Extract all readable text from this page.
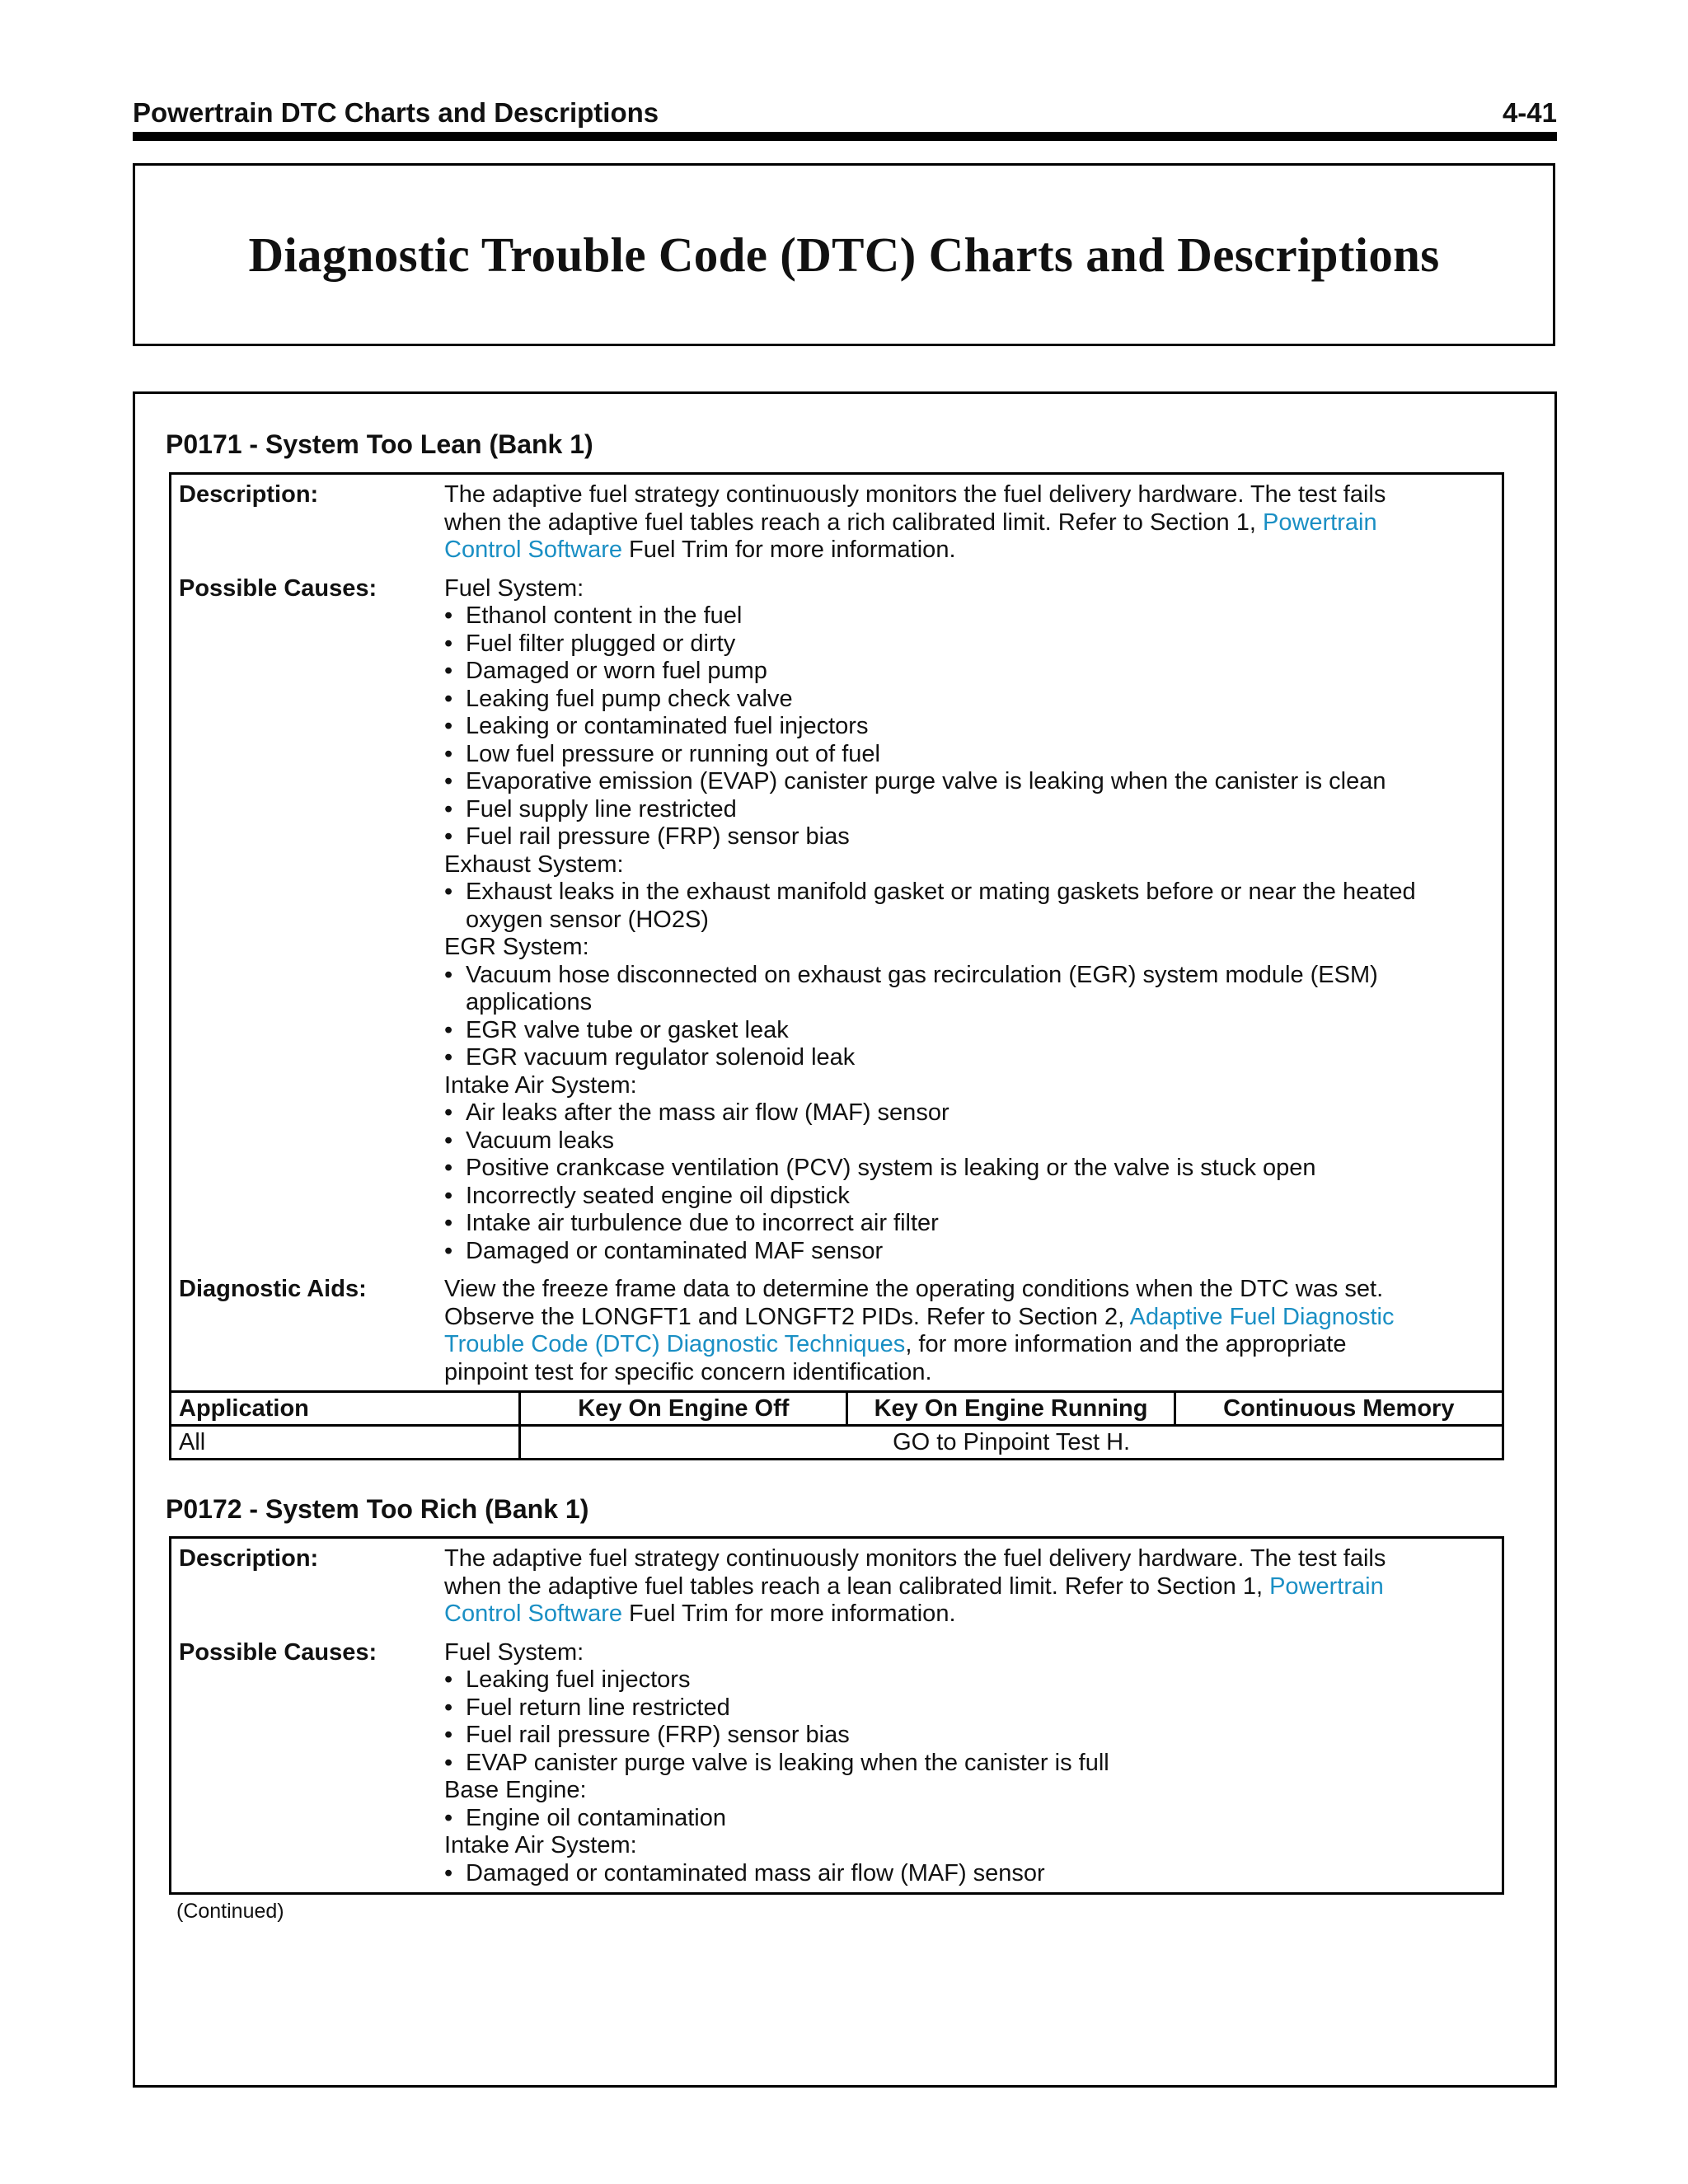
Powertrain DTC Charts and Descriptions	4-41
Diagnostic Trouble Code (DTC) Charts and Descriptions
P0171 - System Too Lean (Bank 1)
Description:	The adaptive fuel strategy continuously monitors the fuel delivery hardware. The test fails
when the adaptive fuel tables reach a rich calibrated limit. Refer to Section 1, Powertrain
Control Software Fuel Trim for more information.
Possible Causes:	Fuel System:
• Ethanol content in the fuel
• Fuel filter plugged or dirty
• Damaged or worn fuel pump
• Leaking fuel pump check valve
• Leaking or contaminated fuel injectors
• Low fuel pressure or running out of fuel
• Evaporative emission (EVAP) canister purge valve is leaking when the canister is clean
• Fuel supply line restricted
• Fuel rail pressure (FRP) sensor bias
Exhaust System:
• Exhaust leaks in the exhaust manifold gasket or mating gaskets before or near the heated
oxygen sensor (HO2S)
EGR System:
• Vacuum hose disconnected on exhaust gas recirculation (EGR) system module (ESM)
applications
• EGR valve tube or gasket leak
• EGR vacuum regulator solenoid leak
Intake Air System:
• Air leaks after the mass air flow (MAF) sensor
• Vacuum leaks
• Positive crankcase ventilation (PCV) system is leaking or the valve is stuck open
• Incorrectly seated engine oil dipstick
• Intake air turbulence due to incorrect air filter
• Damaged or contaminated MAF sensor
Diagnostic Aids:	View the freeze frame data to determine the operating conditions when the DTC was set.
Observe the LONGFT1 and LONGFT2 PIDs. Refer to Section 2, Adaptive Fuel Diagnostic
Trouble Code (DTC) Diagnostic Techniques, for more information and the appropriate
pinpoint test for specific concern identification.
Application	Key On Engine Off	Key On Engine Running	Continuous Memory
All	GO to Pinpoint Test H.		
P0172 - System Too Rich (Bank 1)
Description:	The adaptive fuel strategy continuously monitors the fuel delivery hardware. The test fails
when the adaptive fuel tables reach a lean calibrated limit. Refer to Section 1, Powertrain
Control Software Fuel Trim for more information.
Possible Causes:	Fuel System:
• Leaking fuel injectors
• Fuel return line restricted
• Fuel rail pressure (FRP) sensor bias
• EVAP canister purge valve is leaking when the canister is full
Base Engine:
• Engine oil contamination
Intake Air System:
• Damaged or contaminated mass air flow (MAF) sensor
(Continued)
